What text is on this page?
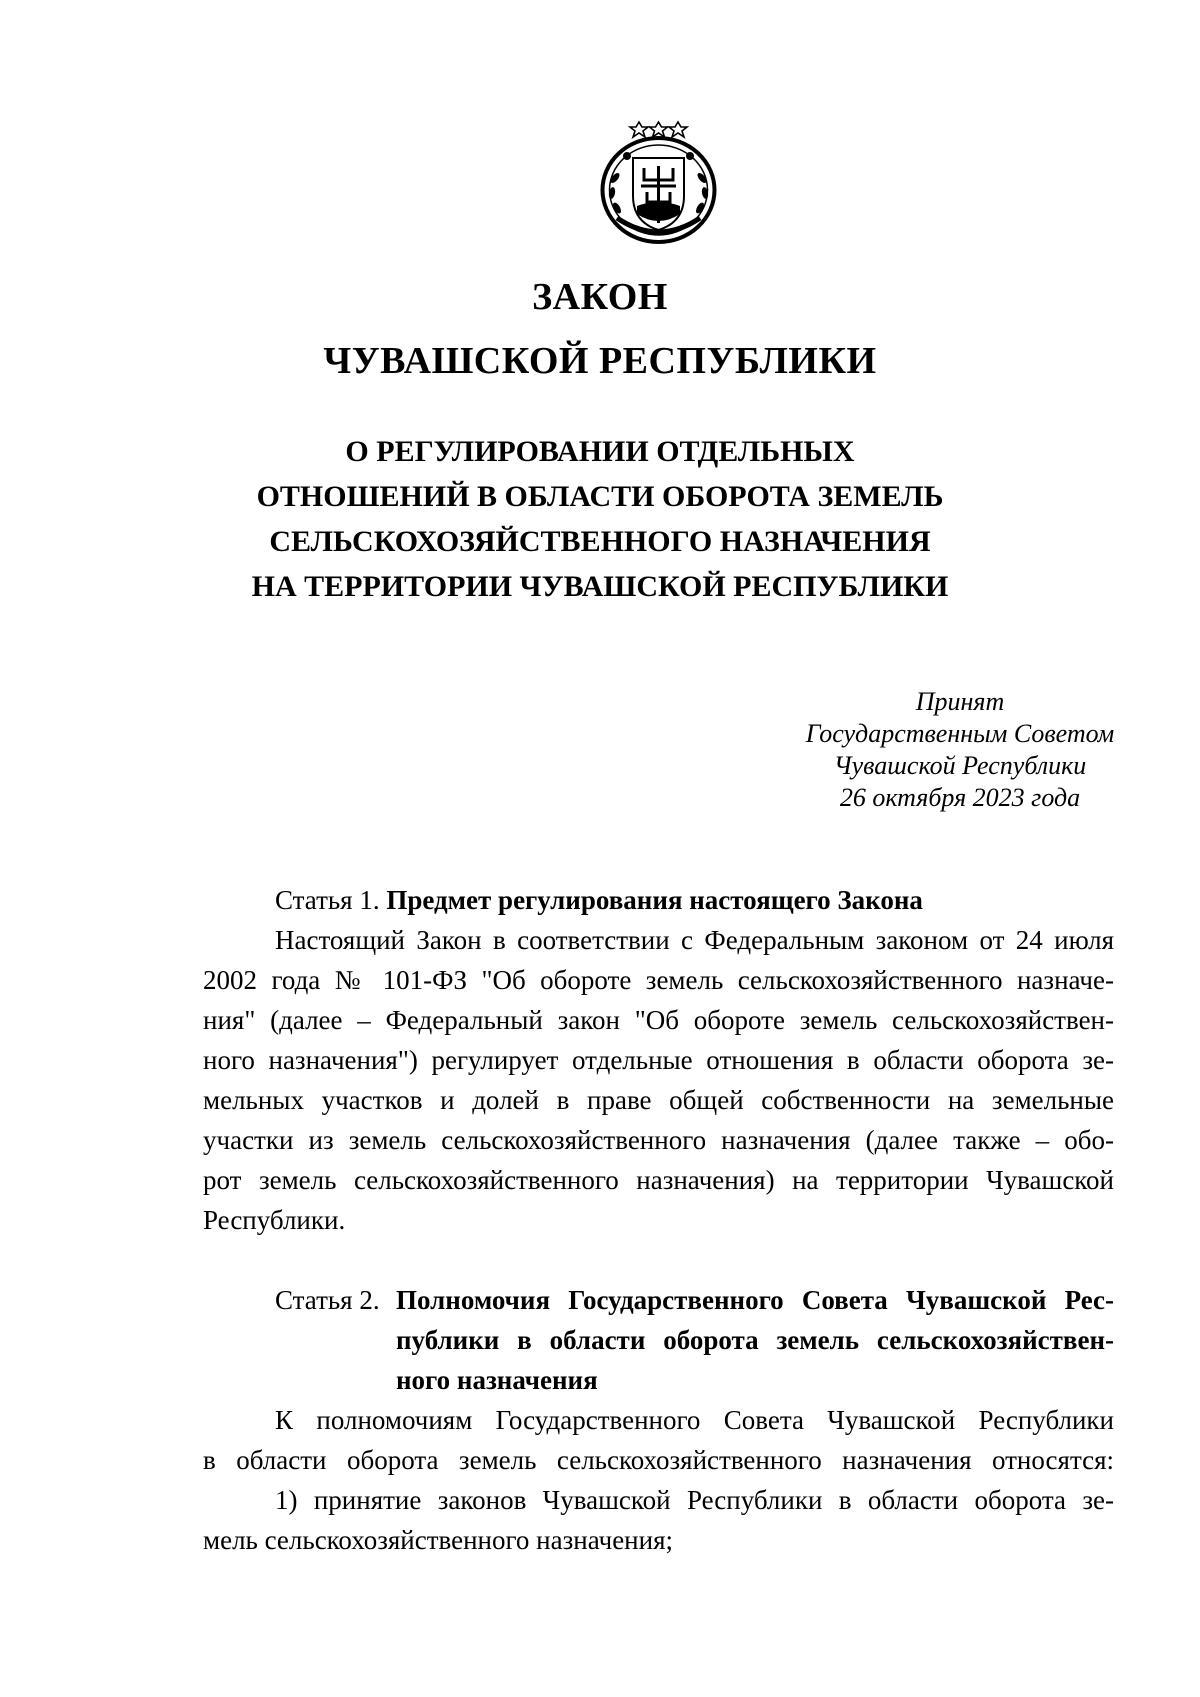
ЗАКОН
ЧУВАШСКОЙ РЕСПУБЛИКИ
О РЕГУЛИРОВАНИИ ОТДЕЛЬНЫХ
ОТНОШЕНИЙ В ОБЛАСТИ ОБОРОТА ЗЕМЕЛЬ
СЕЛЬСКОХОЗЯЙСТВЕННОГО НАЗНАЧЕНИЯ
НА ТЕРРИТОРИИ ЧУВАШСКОЙ РЕСПУБЛИКИ
Принят
Государственным Советом
Чувашской Республики
26 октября 2023 года
Статья 1. Предмет регулирования настоящего Закона
Настоящий Закон в соответствии с Федеральным законом от 24 июля
2002 года № 101-ФЗ "Об обороте земель сельскохозяйственного назначе-
ния" (далее – Федеральный закон "Об обороте земель сельскохозяйствен-
ного назначения") регулирует отдельные отношения в области оборота зе-
мельных участков и долей в праве общей собственности на земельные
участки из земель сельскохозяйственного назначения (далее также – обо-
рот земель сельскохозяйственного назначения) на территории Чувашской
Республики.
Статья 2. Полномочия Государственного Совета Чувашской Рес-
публики в области оборота земель сельскохозяйствен-
ного назначения
К полномочиям Государственного Совета Чувашской Республики
в области оборота земель сельскохозяйственного назначения относятся:
1) принятие законов Чувашской Республики в области оборота зе-
мель сельскохозяйственного назначения;
